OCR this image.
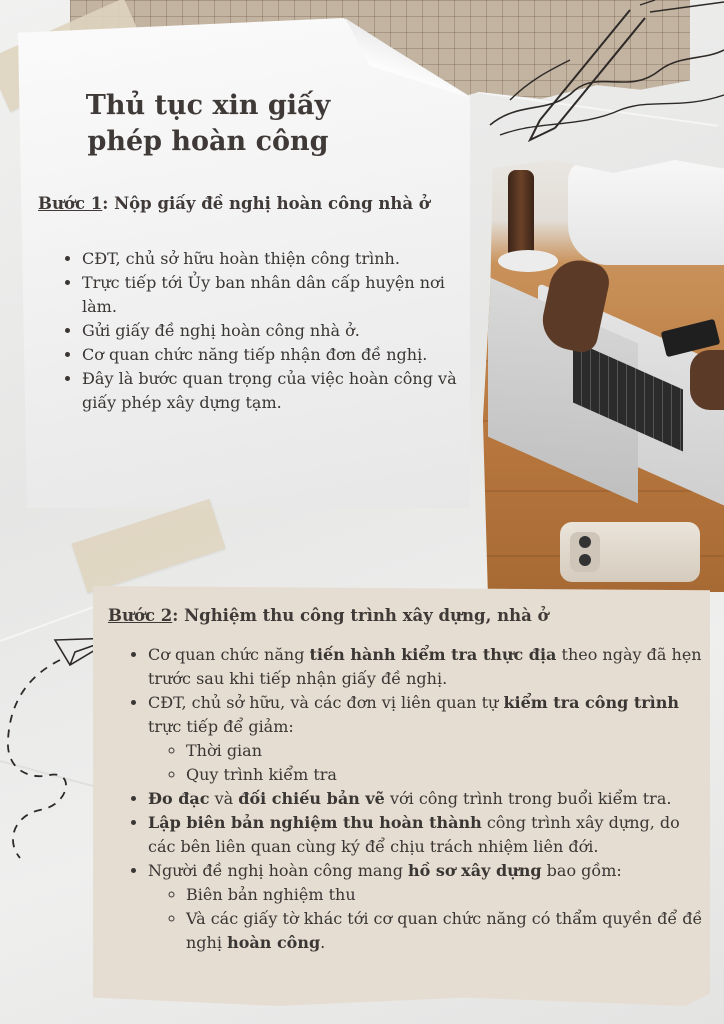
Thủ tục xin giấy
phép hoàn công
Bước 1: Nộp giấy đề nghị hoàn công nhà ở
• CĐT, chủ sở hữu hoàn thiện công trình.
• Trực tiếp tới Ủy ban nhân dân cấp huyện nơi làm.
• Gửi giấy đề nghị hoàn công nhà ở.
• Cơ quan chức năng tiếp nhận đơn đề nghị.
• Đây là bước quan trọng của việc hoàn công và giấy phép xây dựng tạm.
Bước 2: Nghiệm thu công trình xây dựng, nhà ở
• Cơ quan chức năng tiến hành kiểm tra thực địa theo ngày đã hẹn trước sau khi tiếp nhận giấy đề nghị.
• CĐT, chủ sở hữu, và các đơn vị liên quan tự kiểm tra công trình trực tiếp để giảm:
◦ Thời gian
◦ Quy trình kiểm tra
• Đo đạc và đối chiếu bản vẽ với công trình trong buổi kiểm tra.
• Lập biên bản nghiệm thu hoàn thành công trình xây dựng, do các bên liên quan cùng ký để chịu trách nhiệm liên đới.
• Người đề nghị hoàn công mang hồ sơ xây dựng bao gồm:
◦ Biên bản nghiệm thu
◦ Và các giấy tờ khác tới cơ quan chức năng có thẩm quyền để đề nghị hoàn công.
